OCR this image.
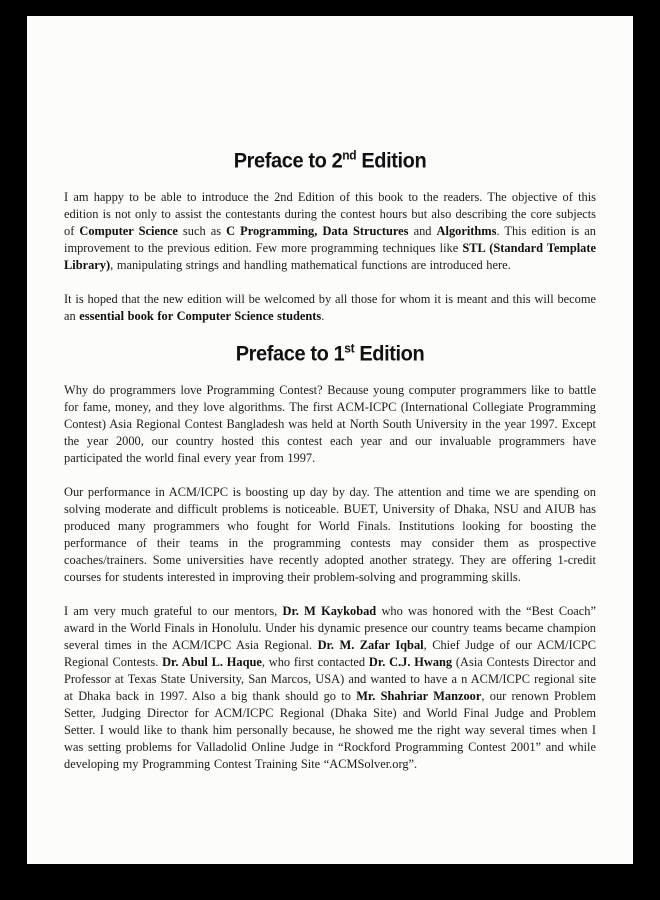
Preface to 2nd Edition

I am happy to be able to introduce the 2nd Edition of this book to the readers. The objective of this edition is not only to assist the contestants during the contest hours but also describing the core subjects of Computer Science such as C Programming, Data Structures and Algorithms. This edition is an improvement to the previous edition. Few more programming techniques like STL (Standard Template Library), manipulating strings and handling mathematical functions are introduced here.

It is hoped that the new edition will be welcomed by all those for whom it is meant and this will become an essential book for Computer Science students.

Preface to 1st Edition

Why do programmers love Programming Contest? Because young computer programmers like to battle for fame, money, and they love algorithms. The first ACM-ICPC (International Collegiate Programming Contest) Asia Regional Contest Bangladesh was held at North South University in the year 1997. Except the year 2000, our country hosted this contest each year and our invaluable programmers have participated the world final every year from 1997.

Our performance in ACM/ICPC is boosting up day by day. The attention and time we are spending on solving moderate and difficult problems is noticeable. BUET, University of Dhaka, NSU and AIUB has produced many programmers who fought for World Finals. Institutions looking for boosting the performance of their teams in the programming contests may consider them as prospective coaches/trainers. Some universities have recently adopted another strategy. They are offering 1-credit courses for students interested in improving their problem-solving and programming skills.

I am very much grateful to our mentors, Dr. M Kaykobad who was honored with the “Best Coach” award in the World Finals in Honolulu. Under his dynamic presence our country teams became champion several times in the ACM/ICPC Asia Regional. Dr. M. Zafar Iqbal, Chief Judge of our ACM/ICPC Regional Contests. Dr. Abul L. Haque, who first contacted Dr. C.J. Hwang (Asia Contests Director and Professor at Texas State University, San Marcos, USA) and wanted to have a n ACM/ICPC regional site at Dhaka back in 1997. Also a big thank should go to Mr. Shahriar Manzoor, our renown Problem Setter, Judging Director for ACM/ICPC Regional (Dhaka Site) and World Final Judge and Problem Setter. I would like to thank him personally because, he showed me the right way several times when I was setting problems for Valladolid Online Judge in “Rockford Programming Contest 2001” and while developing my Programming Contest Training Site “ACMSolver.org”.
